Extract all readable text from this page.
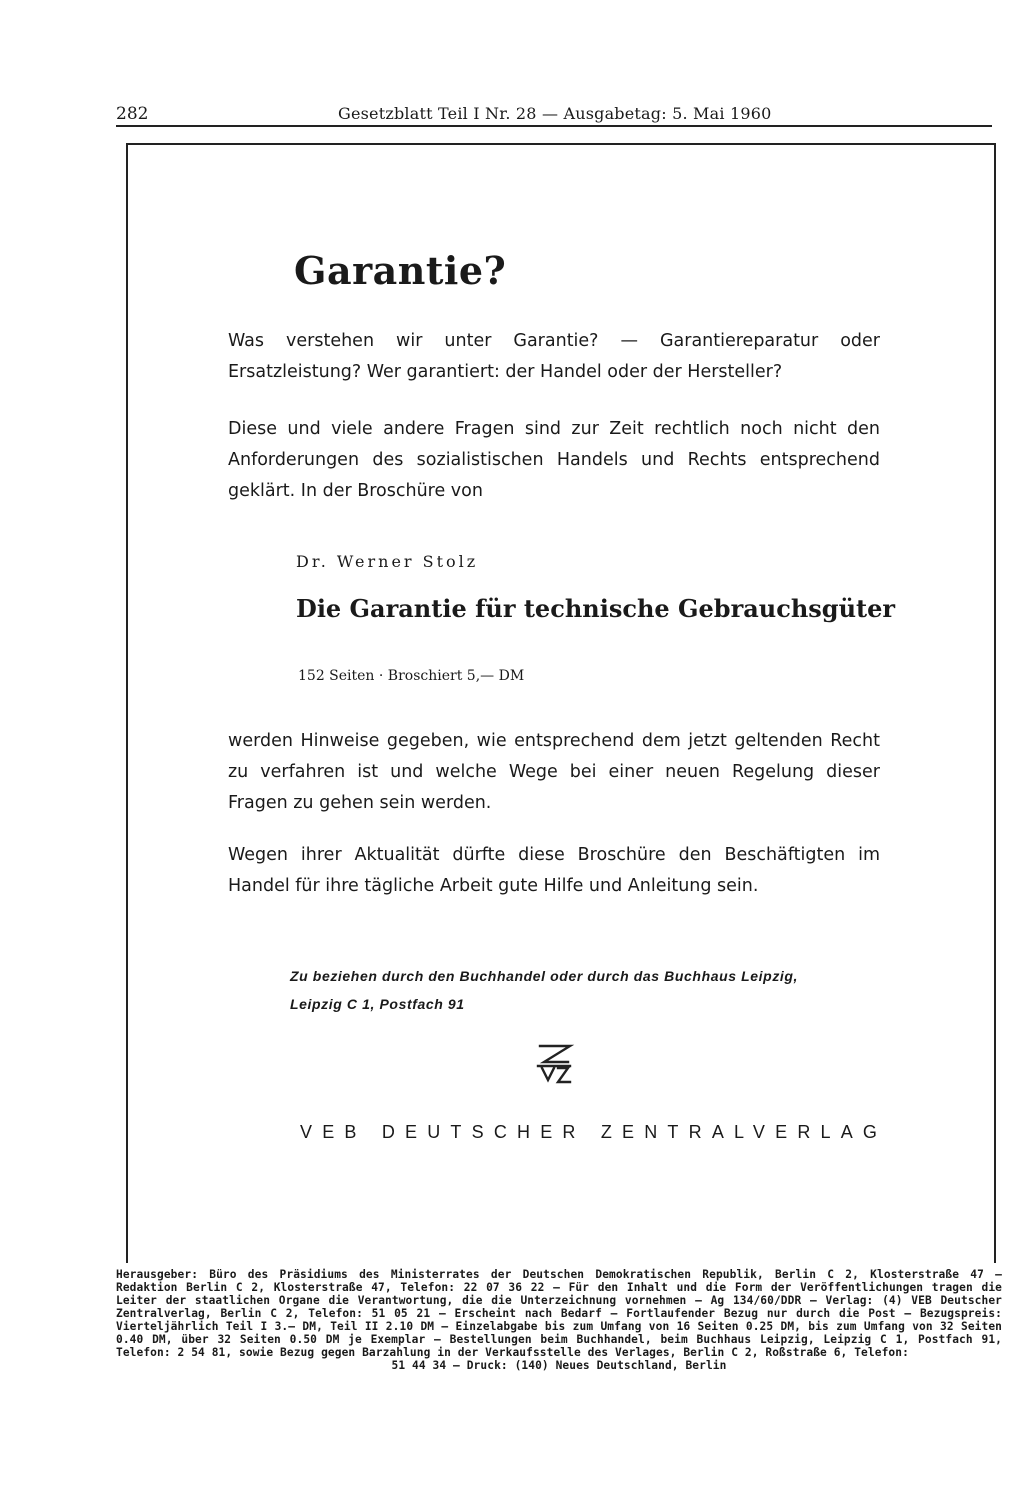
282	Gesetzblatt Teil I Nr. 28 — Ausgabetag: 5. Mai 1960
Garantie?
Was verstehen wir unter Garantie? — Garantiereparatur oder Ersatzleistung? Wer garantiert: der Handel oder der Hersteller?
Diese und viele andere Fragen sind zur Zeit rechtlich noch nicht den Anforderungen des sozialistischen Handels und Rechts entsprechend geklärt. In der Broschüre von
Dr. Werner Stolz
Die Garantie für technische Gebrauchsgüter
152 Seiten · Broschiert 5,— DM
werden Hinweise gegeben, wie entsprechend dem jetzt geltenden Recht zu verfahren ist und welche Wege bei einer neuen Regelung dieser Fragen zu gehen sein werden.
Wegen ihrer Aktualität dürfte diese Broschüre den Beschäftigten im Handel für ihre tägliche Arbeit gute Hilfe und Anleitung sein.
Zu beziehen durch den Buchhandel oder durch das Buchhaus Leipzig,
Leipzig C 1, Postfach 91
VEB DEUTSCHER ZENTRALVERLAG
Herausgeber: Büro des Präsidiums des Ministerrates der Deutschen Demokratischen Republik, Berlin C 2, Klosterstraße 47 — Redaktion Berlin C 2, Klosterstraße 47, Telefon: 22 07 36 22 — Für den Inhalt und die Form der Veröffentlichungen tragen die Leiter der staatlichen Organe die Verantwortung, die die Unterzeichnung vornehmen — Ag 134/60/DDR — Verlag: (4) VEB Deutscher Zentralverlag, Berlin C 2, Telefon: 51 05 21 — Erscheint nach Bedarf — Fortlaufender Bezug nur durch die Post — Bezugspreis: Vierteljährlich Teil I 3.— DM, Teil II 2.10 DM — Einzelabgabe bis zum Umfang von 16 Seiten 0.25 DM, bis zum Umfang von 32 Seiten 0.40 DM, über 32 Seiten 0.50 DM je Exemplar — Bestellungen beim Buchhandel, beim Buchhaus Leipzig, Leipzig C 1, Postfach 91, Telefon: 2 54 81, sowie Bezug gegen Barzahlung in der Verkaufsstelle des Verlages, Berlin C 2, Roßstraße 6, Telefon:
51 44 34 — Druck: (140) Neues Deutschland, Berlin
